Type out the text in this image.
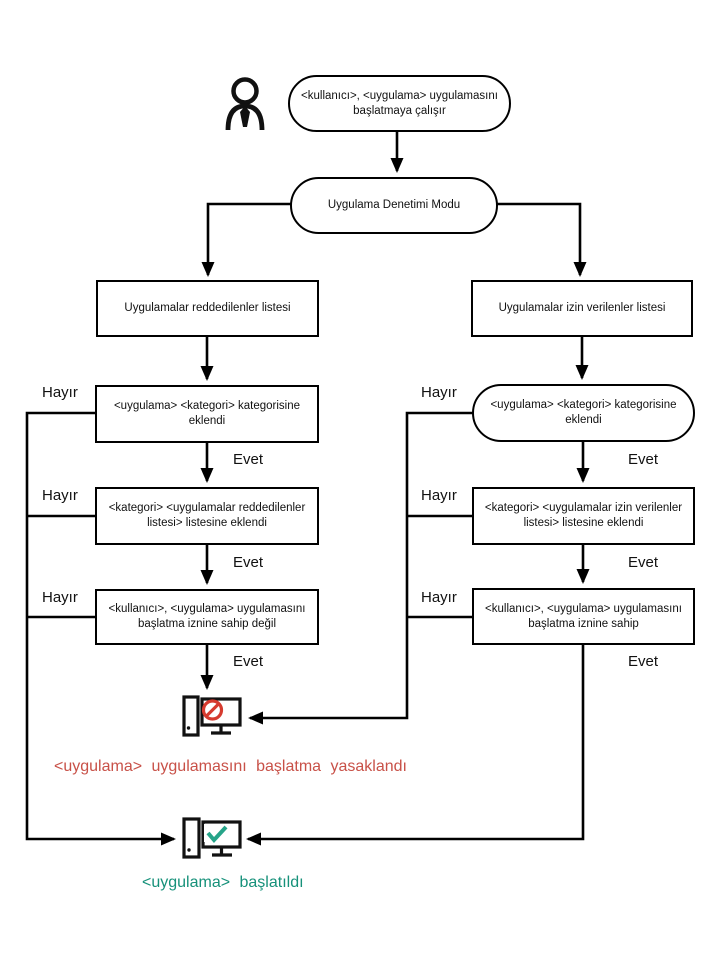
<kullanıcı>, <uygulama> uygulamasını başlatmaya çalışır
Uygulama Denetimi Modu
Uygulamalar reddedilenler listesi	Uygulamalar izin verilenler listesi
<uygulama> <kategori> kategorisine eklendi
<kategori> <uygulamalar reddedilenler listesi> listesine eklendi
<kullanıcı>, <uygulama> uygulamasını başlatma iznine sahip değil
<uygulama> <kategori> kategorisine eklendi
<kategori> <uygulamalar izin verilenler listesi> listesine eklendi
<kullanıcı>, <uygulama> uygulamasını başlatma iznine sahip
Hayır
Hayır
Hayır
Hayır
Hayır
Hayır
Evet
Evet
Evet
Evet
Evet
Evet
<uygulama> uygulamasını başlatma yasaklandı
<uygulama> başlatıldı
